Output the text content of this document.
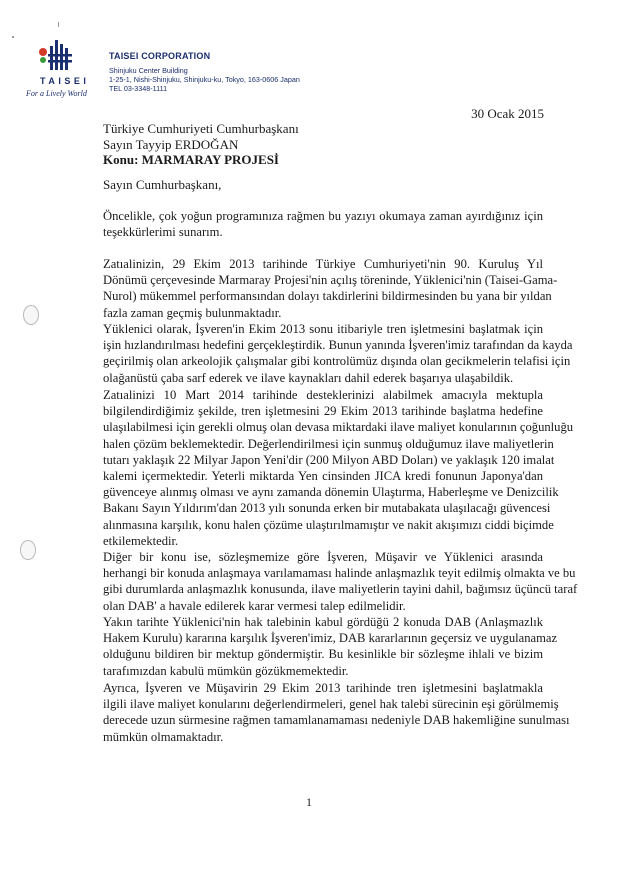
TAISEI
For a Lively World
TAISEI CORPORATION
Shinjuku Center Building
1-25-1, Nishi-Shinjuku, Shinjuku-ku, Tokyo, 163-0606 Japan
TEL 03-3348-1111
30 Ocak 2015
Türkiye Cumhuriyeti Cumhurbaşkanı
Sayın Tayyip ERDOĞAN
Konu: MARMARAY PROJESİ
Sayın Cumhurbaşkanı,
Öncelikle, çok yoğun programınıza rağmen bu yazıyı okumaya zaman ayırdığınız için
teşekkürlerimi sunarım.
Zatıalinizin, 29 Ekim 2013 tarihinde Türkiye Cumhuriyeti'nin 90. Kuruluş Yıl
Dönümü çerçevesinde Marmaray Projesi'nin açılış töreninde, Yüklenici'nin (Taisei-Gama-
Nurol) mükemmel performansından dolayı takdirlerini bildirmesinden bu yana bir yıldan
fazla zaman geçmiş bulunmaktadır.
Yüklenici olarak, İşveren'in Ekim 2013 sonu itibariyle tren işletmesini başlatmak için
işin hızlandırılması hedefini gerçekleştirdik. Bunun yanında İşveren'imiz tarafından da kayda
geçirilmiş olan arkeolojik çalışmalar gibi kontrolümüz dışında olan gecikmelerin telafisi için
olağanüstü çaba sarf ederek ve ilave kaynakları dahil ederek başarıya ulaşabildik.
Zatıalinizi 10 Mart 2014 tarihinde desteklerinizi alabilmek amacıyla mektupla
bilgilendirdiğimiz şekilde, tren işletmesini 29 Ekim 2013 tarihinde başlatma hedefine
ulaşılabilmesi için gerekli olmuş olan devasa miktardaki ilave maliyet konularının çoğunluğu
halen çözüm beklemektedir. Değerlendirilmesi için sunmuş olduğumuz ilave maliyetlerin
tutarı yaklaşık 22 Milyar Japon Yeni'dir (200 Milyon ABD Doları) ve yaklaşık 120 imalat
kalemi içermektedir. Yeterli miktarda Yen cinsinden JICA kredi fonunun Japonya'dan
güvenceye alınmış olması ve aynı zamanda dönemin Ulaştırma, Haberleşme ve Denizcilik
Bakanı Sayın Yıldırım'dan 2013 yılı sonunda erken bir mutabakata ulaşılacağı güvencesi
alınmasına karşılık, konu halen çözüme ulaştırılmamıştır ve nakit akışımızı ciddi biçimde
etkilemektedir.
Diğer bir konu ise, sözleşmemize göre İşveren, Müşavir ve Yüklenici arasında
herhangi bir konuda anlaşmaya varılamaması halinde anlaşmazlık teyit edilmiş olmakta ve bu
gibi durumlarda anlaşmazlık konusunda, ilave maliyetlerin tayini dahil, bağımsız üçüncü taraf
olan DAB' a havale edilerek karar vermesi talep edilmelidir.
Yakın tarihte Yüklenici'nin hak talebinin kabul gördüğü 2 konuda DAB (Anlaşmazlık
Hakem Kurulu) kararına karşılık İşveren'imiz, DAB kararlarının geçersiz ve uygulanamaz
olduğunu bildiren bir mektup göndermiştir. Bu kesinlikle bir sözleşme ihlali ve bizim
tarafımızdan kabulü mümkün gözükmemektedir.
Ayrıca, İşveren ve Müşavirin 29 Ekim 2013 tarihinde tren işletmesini başlatmakla
ilgili ilave maliyet konularını değerlendirmeleri, genel hak talebi sürecinin eşi görülmemiş
derecede uzun sürmesine rağmen tamamlanamaması nedeniyle DAB hakemliğine sunulması
mümkün olmamaktadır.
1
